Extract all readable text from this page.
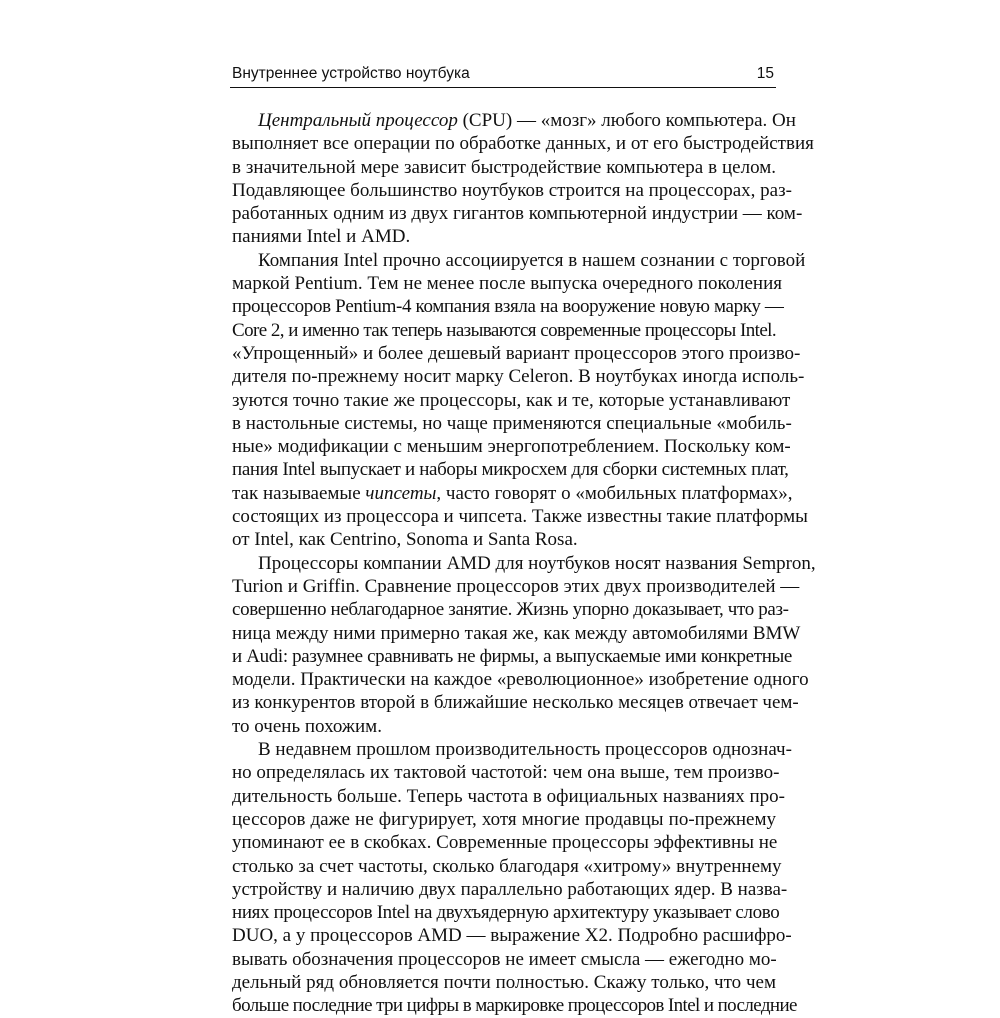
Внутреннее устройство ноутбука	15

Центральный процессор (CPU) — «мозг» любого компьютера. Он
выполняет все операции по обработке данных, и от его быстродействия
в значительной мере зависит быстродействие компьютера в целом.
Подавляющее большинство ноутбуков строится на процессорах, раз-
работанных одним из двух гигантов компьютерной индустрии — ком-
паниями Intel и AMD.

Компания Intel прочно ассоциируется в нашем сознании с торговой
маркой Pentium. Тем не менее после выпуска очередного поколения
процессоров Pentium-4 компания взяла на вооружение новую марку —
Core 2, и именно так теперь называются современные процессоры Intel.
«Упрощенный» и более дешевый вариант процессоров этого произво-
дителя по-прежнему носит марку Celeron. В ноутбуках иногда исполь-
зуются точно такие же процессоры, как и те, которые устанавливают
в настольные системы, но чаще применяются специальные «мобиль-
ные» модификации с меньшим энергопотреблением. Поскольку ком-
пания Intel выпускает и наборы микросхем для сборки системных плат,
так называемые чипсеты, часто говорят о «мобильных платформах»,
состоящих из процессора и чипсета. Также известны такие платформы
от Intel, как Centrino, Sonoma и Santa Rosa.

Процессоры компании AMD для ноутбуков носят названия Sempron,
Turion и Griffin. Сравнение процессоров этих двух производителей —
совершенно неблагодарное занятие. Жизнь упорно доказывает, что раз-
ница между ними примерно такая же, как между автомобилями BMW
и Audi: разумнее сравнивать не фирмы, а выпускаемые ими конкретные
модели. Практически на каждое «революционное» изобретение одного
из конкурентов второй в ближайшие несколько месяцев отвечает чем-
то очень похожим.

В недавнем прошлом производительность процессоров однознач-
но определялась их тактовой частотой: чем она выше, тем произво-
дительность больше. Теперь частота в официальных названиях про-
цессоров даже не фигурирует, хотя многие продавцы по-прежнему
упоминают ее в скобках. Современные процессоры эффективны не
столько за счет частоты, сколько благодаря «хитрому» внутреннему
устройству и наличию двух параллельно работающих ядер. В назва-
ниях процессоров Intel на двухъядерную архитектуру указывает слово
DUO, а у процессоров AMD — выражение X2. Подробно расшифро-
вывать обозначения процессоров не имеет смысла — ежегодно мо-
дельный ряд обновляется почти полностью. Скажу только, что чем
больше последние три цифры в маркировке процессоров Intel и последние
